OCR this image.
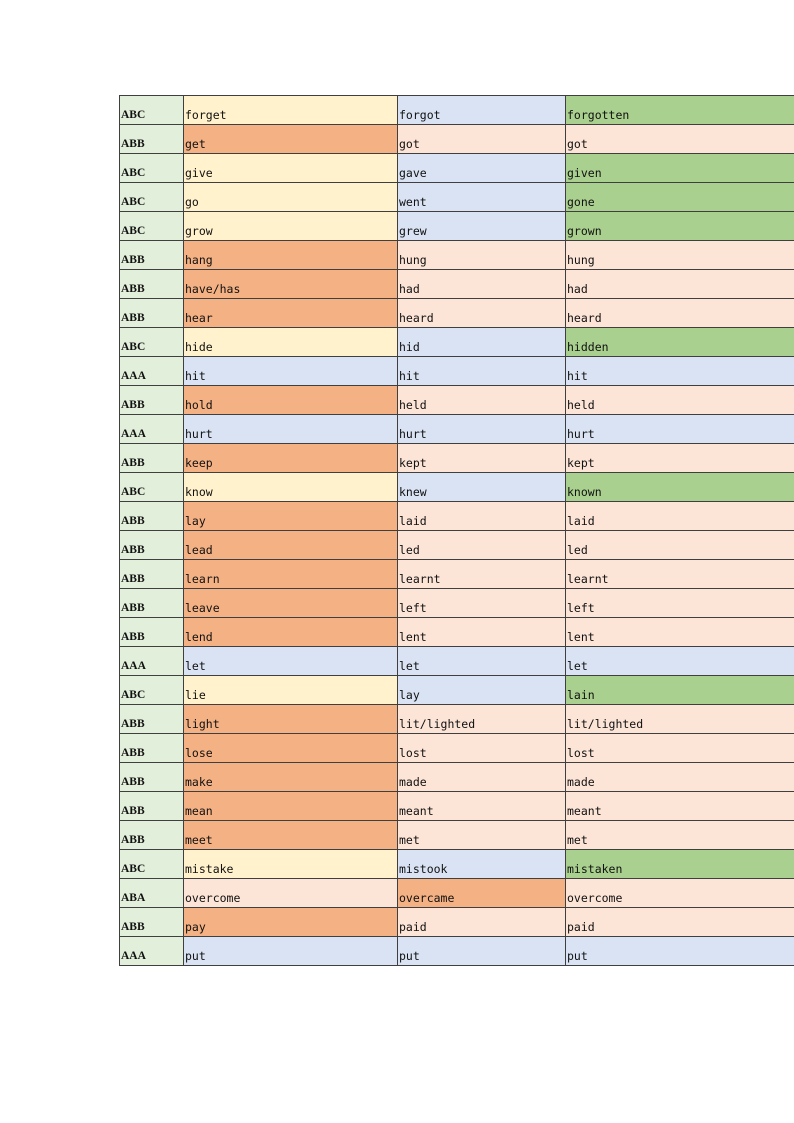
ABC	forget	forgot	forgotten
ABB	get	got	got
ABC	give	gave	given
ABC	go	went	gone
ABC	grow	grew	grown
ABB	hang	hung	hung
ABB	have/has	had	had
ABB	hear	heard	heard
ABC	hide	hid	hidden
AAA	hit	hit	hit
ABB	hold	held	held
AAA	hurt	hurt	hurt
ABB	keep	kept	kept
ABC	know	knew	known
ABB	lay	laid	laid
ABB	lead	led	led
ABB	learn	learnt	learnt
ABB	leave	left	left
ABB	lend	lent	lent
AAA	let	let	let
ABC	lie	lay	lain
ABB	light	lit/lighted	lit/lighted
ABB	lose	lost	lost
ABB	make	made	made
ABB	mean	meant	meant
ABB	meet	met	met
ABC	mistake	mistook	mistaken
ABA	overcome	overcame	overcome
ABB	pay	paid	paid
AAA	put	put	put
